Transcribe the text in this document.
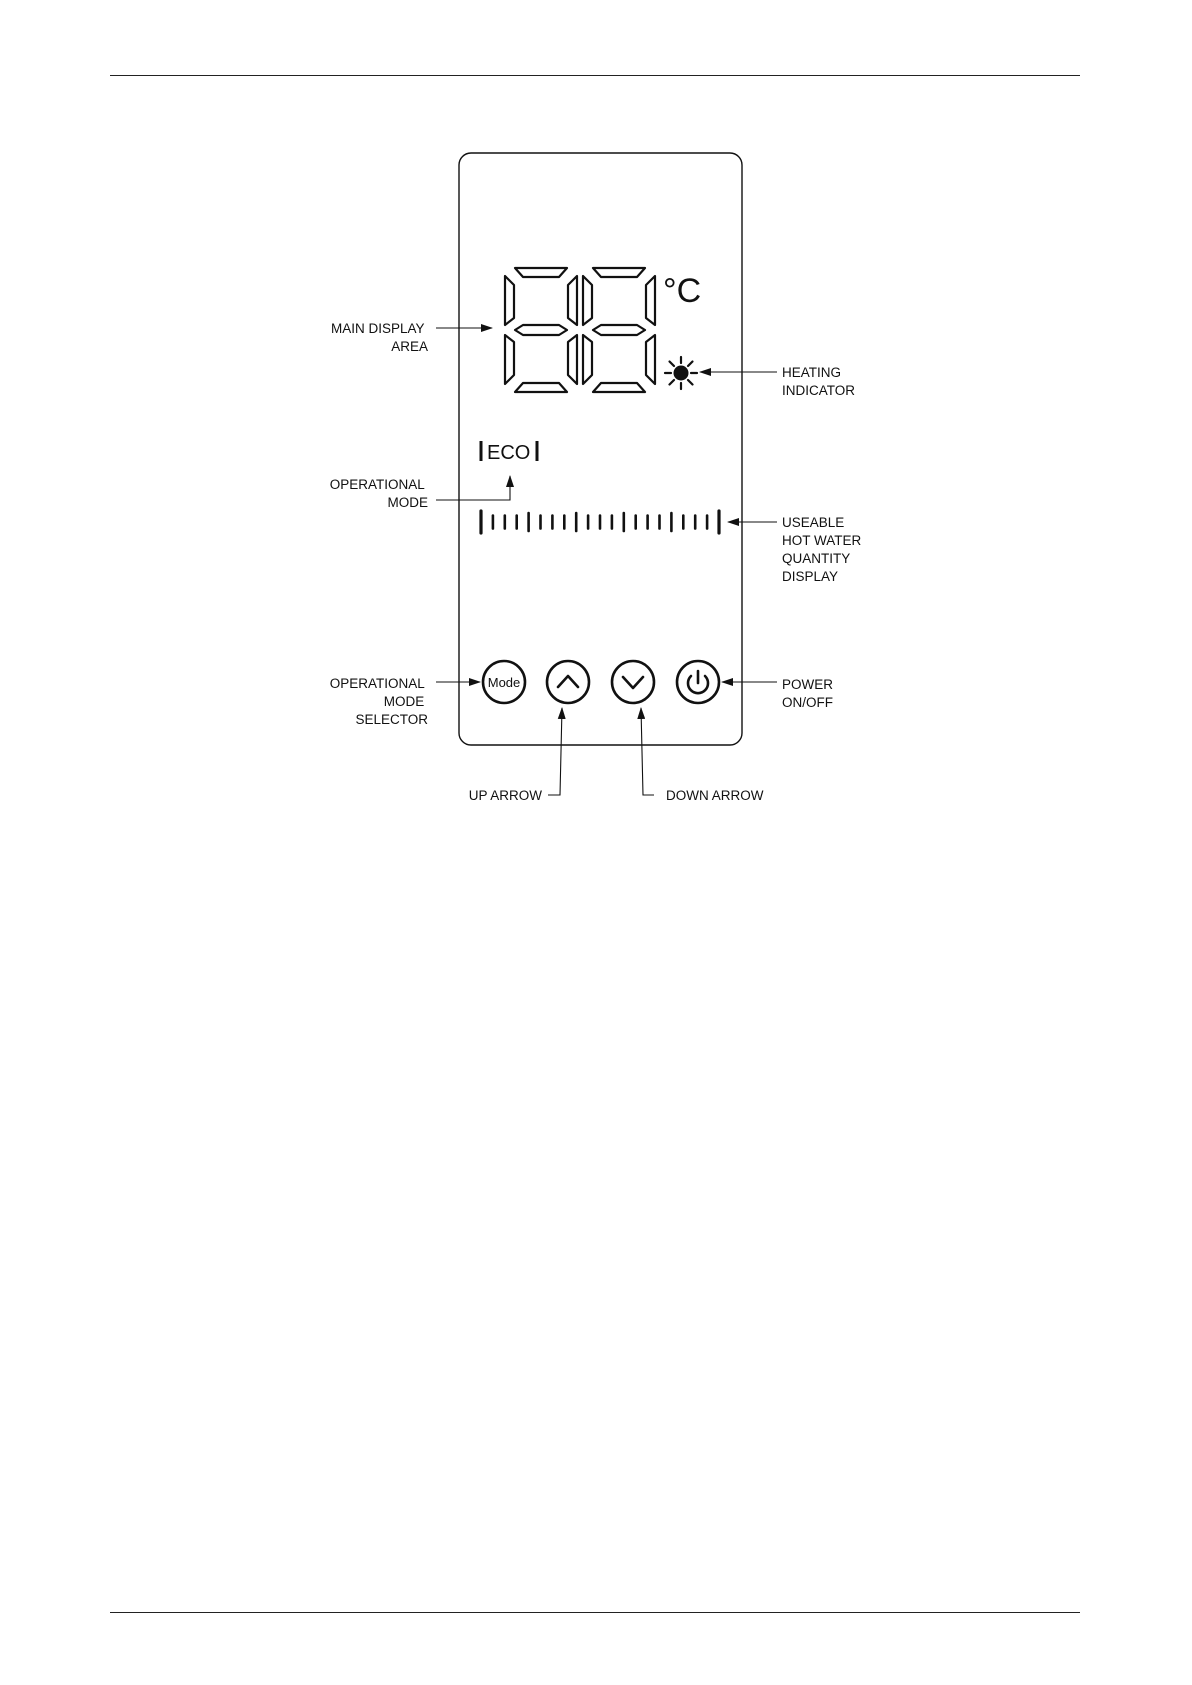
°C
ECO
Mode
MAIN DISPLAY AREA
HEATING INDICATOR
OPERATIONAL MODE
USEABLE HOT WATER QUANTITY DISPLAY
OPERATIONAL MODE SELECTOR
POWER ON/OFF
UP ARROW	DOWN ARROW
